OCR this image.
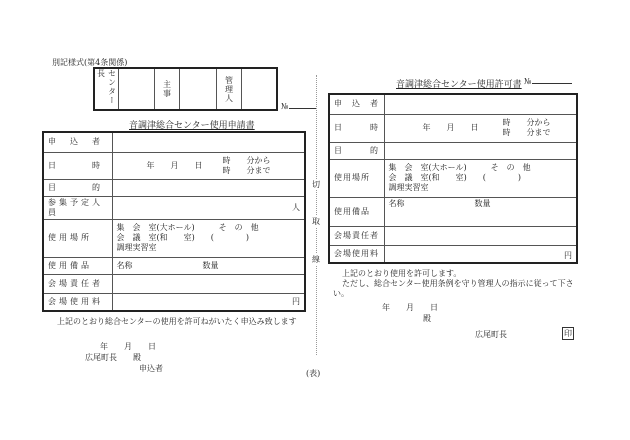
別記様式(第4条関係)
センター長
主事	管理人
№
音調津総合センター使用申請書
申　込　者	
日　　　時	年　　月　　日時　　分から
時　　分まで
目　　　的	
参集予定人員	人
使用場所	集　会　室(大ホール)　　　そ　の　他
会　議　室(和　　室)　　(　　　　)
調理実習室

使用備品	名称 数量
会場責任者	
会場使用料	円
上記のとおり総合センターの使用を許可ねがいたく申込み致します
年　　月　　日
広尾町長　　殿
申込者
切
取
線
(表)
音調津総合センター使用許可書 №
申　込　者	
日　　　時	年　　月　　日時　　分から
時　　分まで
目　　　的	
使用場所	集　会　室(大ホール)　　　そ　の　他
会　議　室(和　　室)　　(　　　　)
調理実習室

使用備品	名称 数量
会場責任者	
会場使用料	円
上記のとおり使用を許可します。
ただし、総合センター使用条例を守り管理人の指示に従って下さい。
年　　月　　日
殿
広尾町長	印
